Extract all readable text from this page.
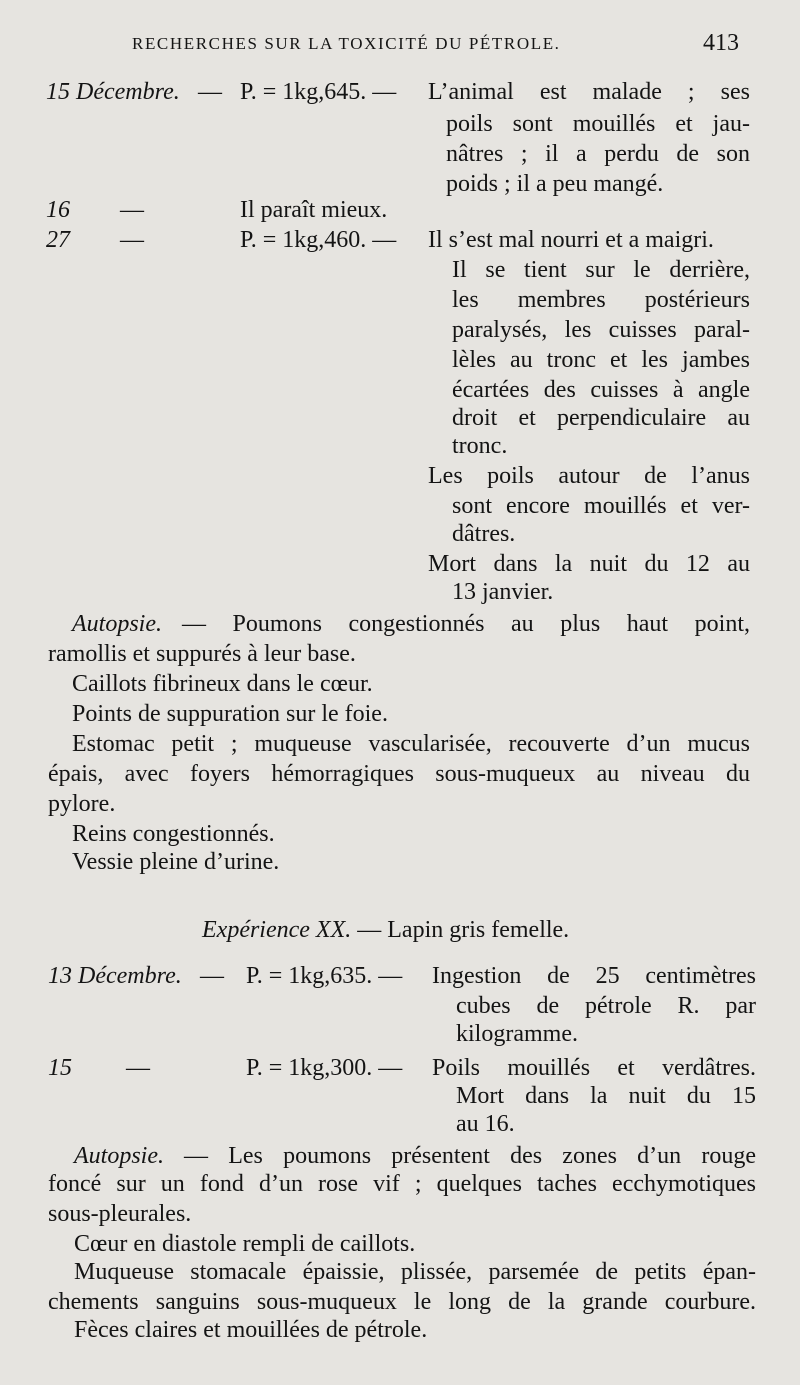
RECHERCHES SUR LA TOXICITÉ DU PÉTROLE.	413
15 Décembre. — P. = 1kg,645. — L’animal est malade ; ses
poils sont mouillés et jau-
nâtres ; il a perdu de son
poids ; il a peu mangé.
16 —	Il paraît mieux.
27 —	P. = 1kg,460. — Il s’est mal nourri et a maigri.
Il se tient sur le derrière,
les membres postérieurs
paralysés, les cuisses paral-
lèles au tronc et les jambes
écartées des cuisses à angle
droit et perpendiculaire au
tronc.
Les poils autour de l’anus
sont encore mouillés et ver-
dâtres.
Mort dans la nuit du 12 au
13 janvier.
Autopsie. — Poumons congestionnés au plus haut point,
ramollis et suppurés à leur base.
Caillots fibrineux dans le cœur.
Points de suppuration sur le foie.
Estomac petit ; muqueuse vascularisée, recouverte d’un mucus
épais, avec foyers hémorragiques sous-muqueux au niveau du
pylore.
Reins congestionnés.
Vessie pleine d’urine.
Expérience XX. — Lapin gris femelle.
13 Décembre. — P. = 1kg,635. — Ingestion de 25 centimètres
cubes de pétrole R. par
kilogramme.
15 —	P. = 1kg,300. — Poils mouillés et verdâtres.
Mort dans la nuit du 15
au 16.
Autopsie. — Les poumons présentent des zones d’un rouge
foncé sur un fond d’un rose vif ; quelques taches ecchymotiques
sous-pleurales.
Cœur en diastole rempli de caillots.
Muqueuse stomacale épaissie, plissée, parsemée de petits épan-
chements sanguins sous-muqueux le long de la grande courbure.
Fèces claires et mouillées de pétrole.
